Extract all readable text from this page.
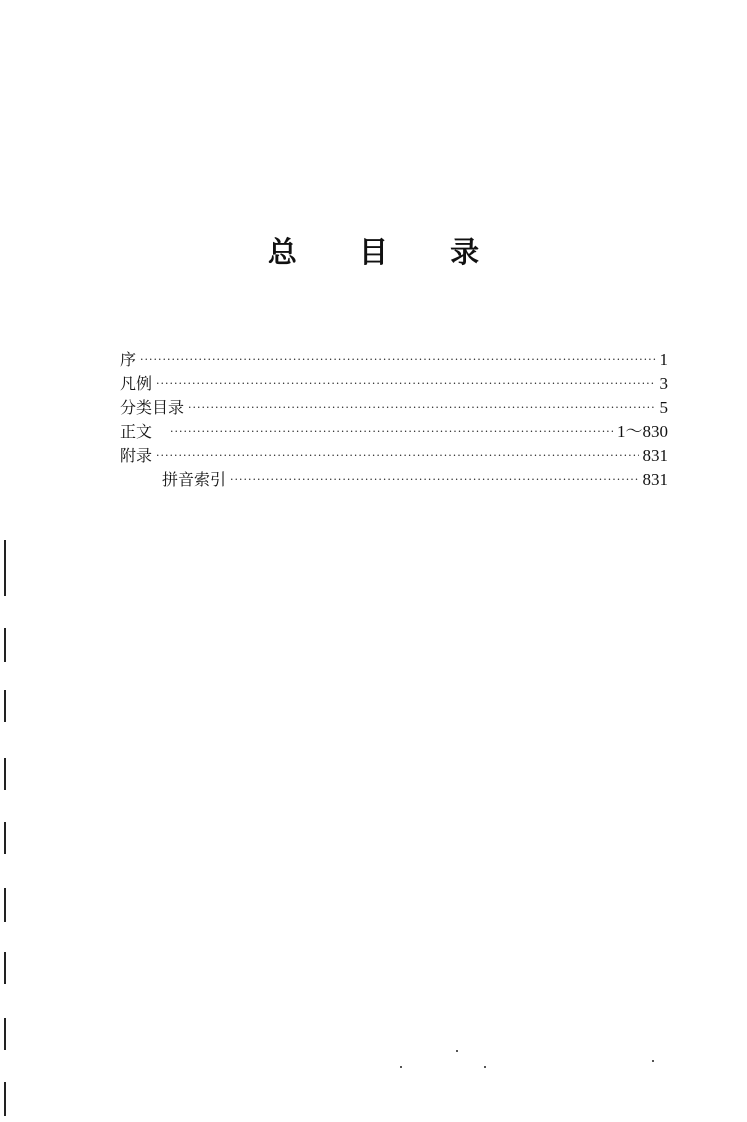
总 目 录
序 ·····	1
凡例 ·····	3
分类目录 ·····	5
正文 ·····	1～830
附录 ·····	831
拼音索引 ·····	831
